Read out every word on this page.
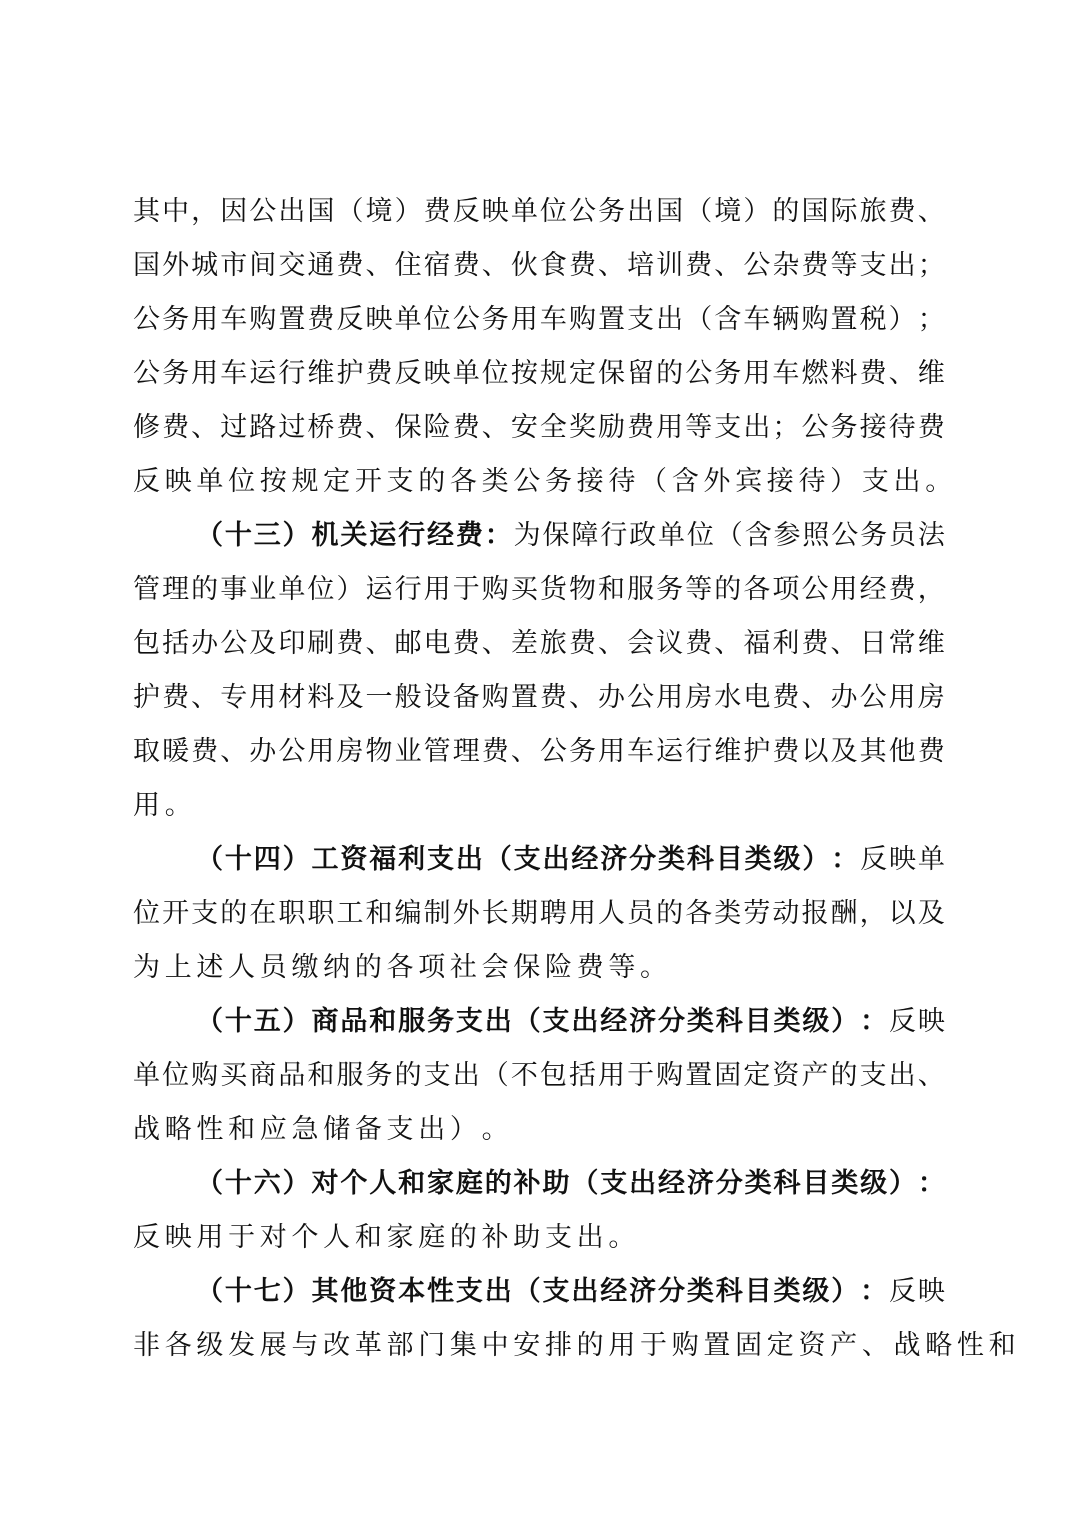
其 中 ， 因 公 出 国 （ 境 ） 费 反 映 单 位 公 务 出 国 （ 境 ） 的 国 际 旅 费 、
国 外 城 市 间 交 通 费 、 住 宿 费 、 伙 食 费 、 培 训 费 、 公 杂 费 等 支 出 ；
公 务 用 车 购 置 费 反 映 单 位 公 务 用 车 购 置 支 出 （ 含 车 辆 购 置 税 ） ；
公 务 用 车 运 行 维 护 费 反 映 单 位 按 规 定 保 留 的 公 务 用 车 燃 料 费 、 维
修 费 、 过 路 过 桥 费 、 保 险 费 、 安 全 奖 励 费 用 等 支 出 ； 公 务 接 待 费
反 映 单 位 按 规 定 开 支 的 各 类 公 务 接 待 （ 含 外 宾 接 待 ） 支 出 。
（ 十 三 ） 机 关 运 行 经 费 ： 为 保 障 行 政 单 位 （ 含 参 照 公 务 员 法
管 理 的 事 业 单 位 ） 运 行 用 于 购 买 货 物 和 服 务 等 的 各 项 公 用 经 费 ，
包 括 办 公 及 印 刷 费 、 邮 电 费 、 差 旅 费 、 会 议 费 、 福 利 费 、 日 常 维
护 费 、 专 用 材 料 及 一 般 设 备 购 置 费 、 办 公 用 房 水 电 费 、 办 公 用 房
取 暖 费 、 办 公 用 房 物 业 管 理 费 、 公 务 用 车 运 行 维 护 费 以 及 其 他 费
用 。
（ 十 四 ） 工 资 福 利 支 出 （ 支 出 经 济 分 类 科 目 类 级 ） ： 反 映 单
位 开 支 的 在 职 职 工 和 编 制 外 长 期 聘 用 人 员 的 各 类 劳 动 报 酬 ， 以 及
为 上 述 人 员 缴 纳 的 各 项 社 会 保 险 费 等 。
（ 十 五 ） 商 品 和 服 务 支 出 （ 支 出 经 济 分 类 科 目 类 级 ） ： 反 映
单 位 购 买 商 品 和 服 务 的 支 出 （ 不 包 括 用 于 购 置 固 定 资 产 的 支 出 、
战 略 性 和 应 急 储 备 支 出 ） 。
（ 十 六 ） 对 个 人 和 家 庭 的 补 助 （ 支 出 经 济 分 类 科 目 类 级 ） ：
反 映 用 于 对 个 人 和 家 庭 的 补 助 支 出 。
（ 十 七 ） 其 他 资 本 性 支 出 （ 支 出 经 济 分 类 科 目 类 级 ） ： 反 映
非 各 级 发 展 与 改 革 部 门 集 中 安 排 的 用 于 购 置 固 定 资 产 、 战 略 性 和
